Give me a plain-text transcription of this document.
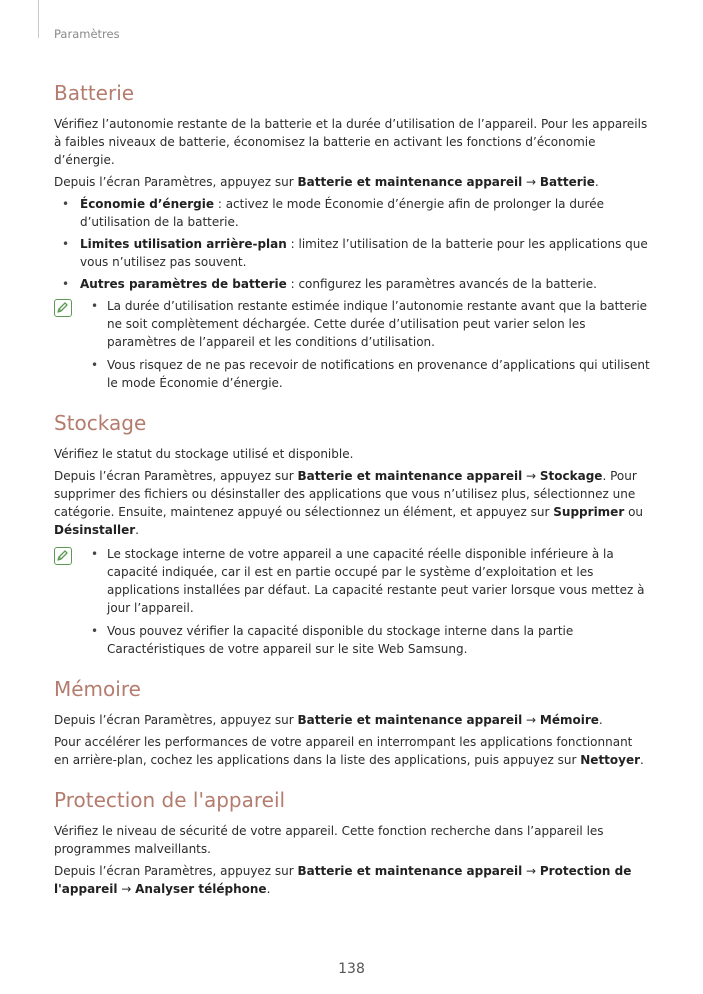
Paramètres
Batterie

Vérifiez l’autonomie restante de la batterie et la durée d’utilisation de l’appareil. Pour les appareils à faibles niveaux de batterie, économisez la batterie en activant les fonctions d’économie d’énergie.

Depuis l’écran Paramètres, appuyez sur Batterie et maintenance appareil → Batterie.

• Économie d’énergie : activez le mode Économie d’énergie afin de prolonger la durée d’utilisation de la batterie.
• Limites utilisation arrière-plan : limitez l’utilisation de la batterie pour les applications que vous n’utilisez pas souvent.
• Autres paramètres de batterie : configurez les paramètres avancés de la batterie.
• La durée d’utilisation restante estimée indique l’autonomie restante avant que la batterie ne soit complètement déchargée. Cette durée d’utilisation peut varier selon les paramètres de l’appareil et les conditions d’utilisation.
• Vous risquez de ne pas recevoir de notifications en provenance d’applications qui utilisent le mode Économie d’énergie.
Stockage

Vérifiez le statut du stockage utilisé et disponible.

Depuis l’écran Paramètres, appuyez sur Batterie et maintenance appareil → Stockage. Pour supprimer des fichiers ou désinstaller des applications que vous n’utilisez plus, sélectionnez une catégorie. Ensuite, maintenez appuyé ou sélectionnez un élément, et appuyez sur Supprimer ou Désinstaller.

• Le stockage interne de votre appareil a une capacité réelle disponible inférieure à la capacité indiquée, car il est en partie occupé par le système d’exploitation et les applications installées par défaut. La capacité restante peut varier lorsque vous mettez à jour l’appareil.
• Vous pouvez vérifier la capacité disponible du stockage interne dans la partie Caractéristiques de votre appareil sur le site Web Samsung.
Mémoire

Depuis l’écran Paramètres, appuyez sur Batterie et maintenance appareil → Mémoire.

Pour accélérer les performances de votre appareil en interrompant les applications fonctionnant en arrière-plan, cochez les applications dans la liste des applications, puis appuyez sur Nettoyer.

Protection de l'appareil

Vérifiez le niveau de sécurité de votre appareil. Cette fonction recherche dans l’appareil les programmes malveillants.

Depuis l’écran Paramètres, appuyez sur Batterie et maintenance appareil → Protection de l'appareil → Analyser téléphone.

138
